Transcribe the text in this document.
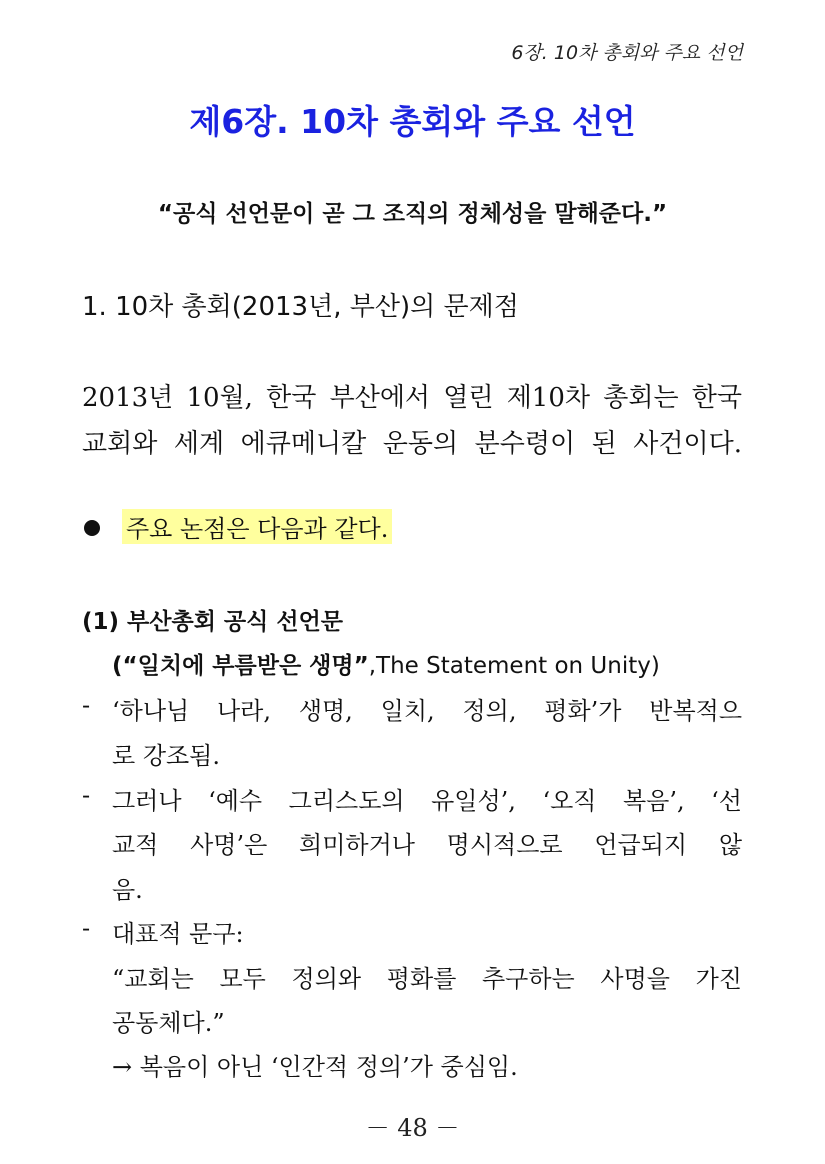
6장. 10차 총회와 주요 선언
제6장. 10차 총회와 주요 선언
“공식 선언문이 곧 그 조직의 정체성을 말해준다.”
1. 10차 총회(2013년, 부산)의 문제점
2013년 10월, 한국 부산에서 열린 제10차 총회는 한국
교회와 세계 에큐메니칼 운동의 분수령이 된 사건이다.
주요 논점은 다음과 같다.
(1) 부산총회 공식 선언문
(“일치에 부름받은 생명”,The Statement on Unity)
- ‘하나님 나라, 생명, 일치, 정의, 평화’가 반복적으
로 강조됨.
- 그러나 ‘예수 그리스도의 유일성’, ‘오직 복음’, ‘선
교적 사명’은 희미하거나 명시적으로 언급되지 않
음.
- 대표적 문구:
“교회는 모두 정의와 평화를 추구하는 사명을 가진
공동체다.”
→ 복음이 아닌 ‘인간적 정의’가 중심임.
－ 48 －
